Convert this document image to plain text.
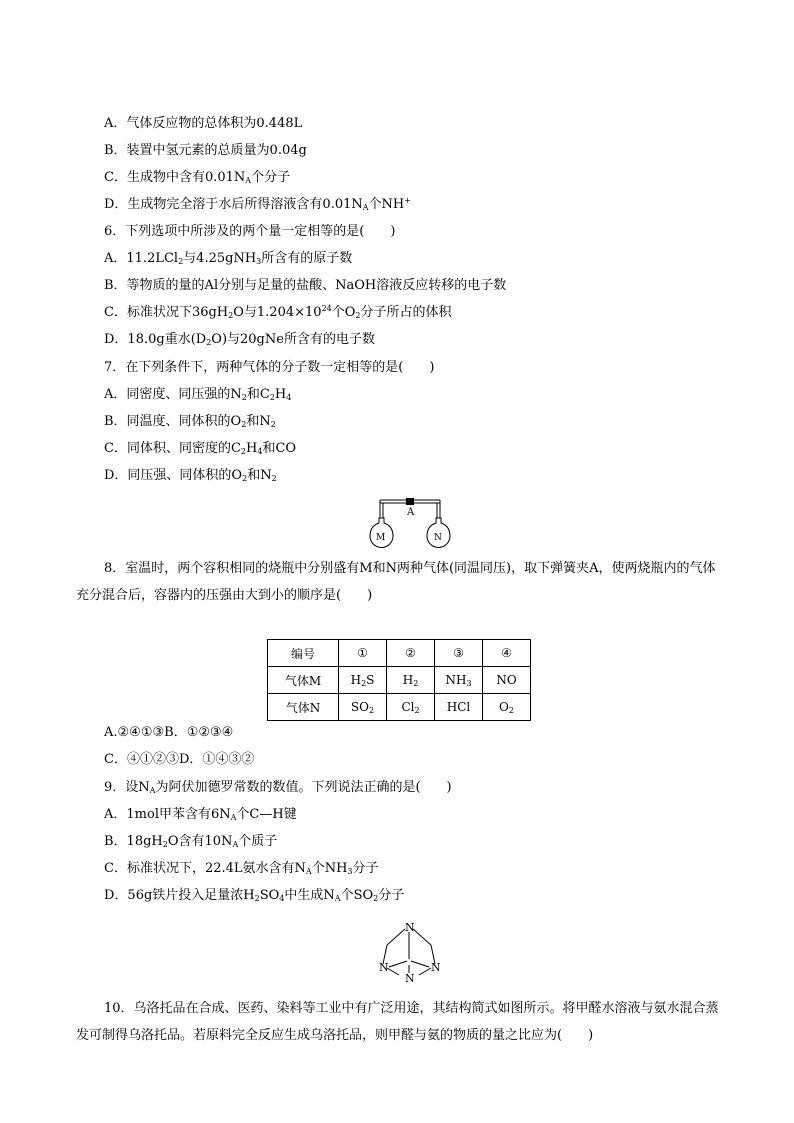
A．气体反应物的总体积为0.448L
B．装置中氢元素的总质量为0.04g
C．生成物中含有$0.01N_A$个分子
D．生成物完全溶于水后所得溶液含有$0.01N_A$个NH+
6．下列选项中所涉及的两个量一定相等的是(　　)
A．11.2LCl$_2$与4.25gNH$_3$所含有的原子数
B．等物质的量的Al分别与足量的盐酸、NaOH溶液反应转移的电子数
C．标准状况下$36gH_2O$与$1.204\times 10^{24}$个$O_2$分子所占的体积
D．18.0g重水$(D_2O)$与20gNe所含有的电子数
7．在下列条件下，两种气体的分子数一定相等的是(　　)
A．同密度、同压强的$N_2$和$C_2H_4$
B．同温度、同体积的$O_2$和$N_2$
C．同体积、同密度的$C_2H_4$和CO
D．同压强、同体积的$O_2$和$N_2$
A
M	N
8．室温时，两个容积相同的烧瓶中分别盛有M和N两种气体(同温同压)，取下弹簧夹A，使两烧瓶内的气体充分混合后，容器内的压强由大到小的顺序是(　　)
编号	①	②	③	④
气体M	$H_2S$	$H_2$	$NH_3$	NO
气体N	$SO_2$	$Cl_2$	HCl	$O_2$
A.②④①③B．①②③④
C．④①②③D．①④③②
9．设$N_A$为阿伏加德罗常数的数值。下列说法正确的是(　　)
A．1mol甲苯含有$6N_A$个C—H键
B．$18gH_2O$含有$10N_A$个质子
C．标准状况下，22.4L氨水含有$N_A$个$NH_3$分子
D．56g铁片投入足量浓$H_2SO_4$中生成$N_A$个$SO_2$分子
N
N	N
N
10．乌洛托品在合成、医药、染料等工业中有广泛用途，其结构简式如图所示。将甲醛水溶液与氨水混合蒸发可制得乌洛托品。若原料完全反应生成乌洛托品，则甲醛与氨的物质的量之比应为(　　)
